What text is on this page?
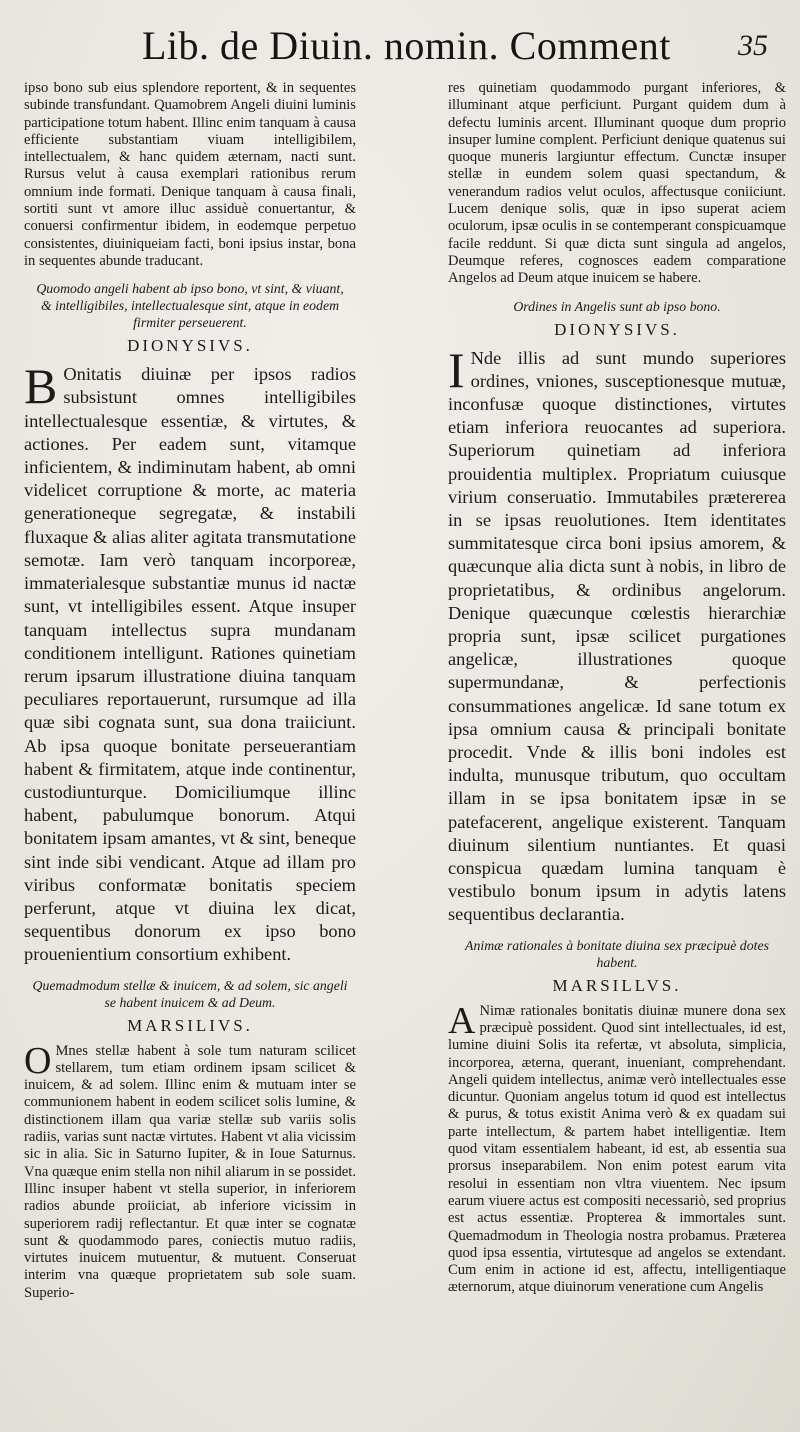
Lib. de Diuin. nomin. Comment 35

ipso bono sub eius splendore reportent, & in sequentes subinde transfundant. Quamobrem Angeli diuini luminis participatione totum habent. Illinc enim tanquam à causa efficiente substantiam viuam intelligibilem, intellectualem, & hanc quidem æternam, nacti sunt. Rursus velut à causa exemplari rationibus rerum omnium inde formati. Denique tanquam à causa finali, sortiti sunt vt amore illuc assiduè conuertantur, & conuersi confirmentur ibidem, in eodemque perpetuo consistentes, diuiniqueiam facti, boni ipsius instar, bona in sequentes abunde traducant.

Quomodo angeli habent ab ipso bono, vt sint, & viuant, & intelligibiles, intellectualesque sint, atque in eodem firmiter perseuerent.
DIONYSIVS.

B Onitatis diuinæ per ipsos radios subsistunt omnes intelligibiles intellectualesque essentiæ, & virtutes, & actiones. Per eadem sunt, vitamque inficientem, & indiminutam habent, ab omni videlicet corruptione & morte, ac materia generationeque segregatæ, & instabili fluxaque & alias aliter agitata transmutatione semotæ. Iam verò tanquam incorporeæ, immaterialesque substantiæ munus id nactæ sunt, vt intelligibiles essent. Atque insuper tanquam intellectus supra mundanam conditionem intelligunt. Rationes quinetiam rerum ipsarum illustratione diuina tanquam peculiares reportauerunt, rursumque ad illa quæ sibi cognata sunt, sua dona traiiciunt. Ab ipsa quoque bonitate perseuerantiam habent & firmitatem, atque inde continentur, custodiunturque. Domiciliumque illinc habent, pabulumque bonorum. Atqui bonitatem ipsam amantes, vt & sint, beneque sint inde sibi vendicant. Atque ad illam pro viribus conformatæ bonitatis speciem perferunt, atque vt diuina lex dicat, sequentibus donorum ex ipso bono prouenientium consortium exhibent.

Quemadmodum stellæ & inuicem, & ad solem, sic angeli se habent inuicem & ad Deum.
MARSILIVS.

O Mnes stellæ habent à sole tum naturam scilicet stellarem, tum etiam ordinem ipsam scilicet & inuicem, & ad solem. Illinc enim & mutuam inter se communionem habent in eodem scilicet solis lumine, & distinctionem illam qua variæ stellæ sub variis solis radiis, varias sunt nactæ virtutes. Habent vt alia vicissim sic in alia. Sic in Saturno Iupiter, & in Ioue Saturnus. Vna quæque enim stella non nihil aliarum in se possidet. Illinc insuper habent vt stella superior, in inferiorem radios abunde proiiciat, ab inferiore vicissim in superiorem radij reflectantur. Et quæ inter se cognatæ sunt & quodammodo pares, coniectis mutuo radiis, virtutes inuicem mutuentur, & mutuent. Conseruat interim vna quæque proprietatem sub sole suam. Superio-

res quinetiam quodammodo purgant inferiores, & illuminant atque perficiunt. Purgant quidem dum à defectu luminis arcent. Illuminant quoque dum proprio insuper lumine complent. Perficiunt denique quatenus sui quoque muneris largiuntur effectum. Cunctæ insuper stellæ in eundem solem quasi spectandum, & venerandum radios velut oculos, affectusque coniiciunt. Lucem denique solis, quæ in ipso superat aciem oculorum, ipsæ oculis in se contemperant conspicuamque facile reddunt. Si quæ dicta sunt singula ad angelos, Deumque referes, cognosces eadem comparatione Angelos ad Deum atque inuicem se habere.

Ordines in Angelis sunt ab ipso bono.
DIONYSIVS.

I Nde illis ad sunt mundo superiores ordines, vniones, susceptionesque mutuæ, inconfusæ quoque distinctiones, virtutes etiam inferiora reuocantes ad superiora. Superiorum quinetiam ad inferiora prouidentia multiplex. Propriatum cuiusque virium conseruatio. Immutabiles prætererea in se ipsas reuolutiones. Item identitates summitatesque circa boni ipsius amorem, & quæcunque alia dicta sunt à nobis, in libro de proprietatibus, & ordinibus angelorum. Denique quæcunque cœlestis hierarchiæ propria sunt, ipsæ scilicet purgationes angelicæ, illustrationes quoque supermundanæ, & perfectionis consummationes angelicæ. Id sane totum ex ipsa omnium causa & principali bonitate procedit. Vnde & illis boni indoles est indulta, munusque tributum, quo occultam illam in se ipsa bonitatem ipsæ in se patefacerent, angelique existerent. Tanquam diuinum silentium nuntiantes. Et quasi conspicua quædam lumina tanquam è vestibulo bonum ipsum in adytis latens sequentibus declarantia.

Animæ rationales à bonitate diuina sex præcipuè dotes habent.
MARSILLVS.

A Nimæ rationales bonitatis diuinæ munere dona sex præcipuè possident. Quod sint intellectuales, id est, lumine diuini Solis ita refertæ, vt absoluta, simplicia, incorporea, æterna, querant, inueniant, comprehendant. Angeli quidem intellectus, animæ verò intellectuales esse dicuntur. Quoniam angelus totum id quod est intellectus & purus, & totus existit Anima verò & ex quadam sui parte intellectum, & partem habet intelligentiæ. Item quod vitam essentialem habeant, id est, ab essentia sua prorsus inseparabilem. Non enim potest earum vita resolui in essentiam non vltra viuentem. Nec ipsum earum viuere actus est compositi necessariò, sed proprius est actus essentiæ. Propterea & immortales sunt. Quemadmodum in Theologia nostra probamus. Præterea quod ipsa essentia, virtutesque ad angelos se extendant. Cum enim in actione id est, affectu, intelligentiaque æternorum, atque diuinorum veneratione cum Angelis
